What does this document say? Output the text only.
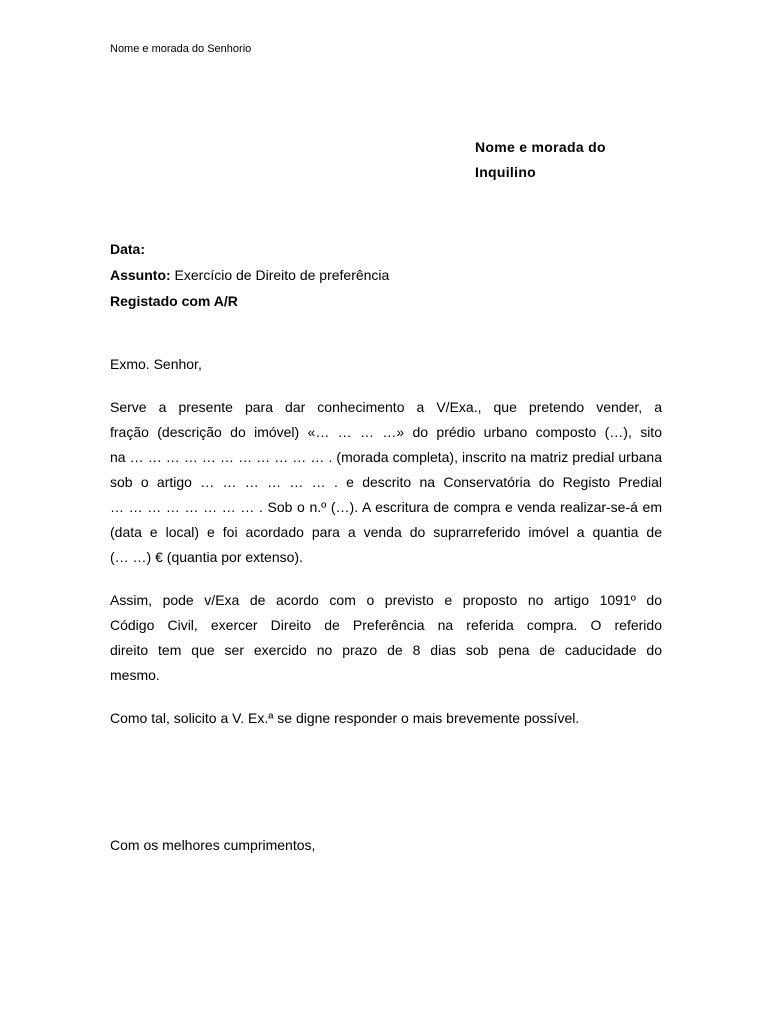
Nome e morada do Senhorio
Nome e morada do
Inquilino
Data:
Assunto: Exercício de Direito de preferência
Registado com A/R
Exmo. Senhor,
Serve a presente para dar conhecimento a V/Exa., que pretendo vender, a
fração (descrição do imóvel) «… … … …» do prédio urbano composto (…), sito
na … … … … … … … … … … … . (morada completa), inscrito na matriz predial urbana
sob o artigo … … … … … … . e descrito na Conservatória do Registo Predial
… … … … … … … … . Sob o n.º (…). A escritura de compra e venda realizar-se-á em
(data e local) e foi acordado para a venda do suprarreferido imóvel a quantia de
(… …) € (quantia por extenso).
Assim, pode v/Exa de acordo com o previsto e proposto no artigo 1091º do
Código Civil, exercer Direito de Preferência na referida compra. O referido
direito tem que ser exercido no prazo de 8 dias sob pena de caducidade do
mesmo.
Como tal, solicito a V. Ex.ª se digne responder o mais brevemente possível.
Com os melhores cumprimentos,
